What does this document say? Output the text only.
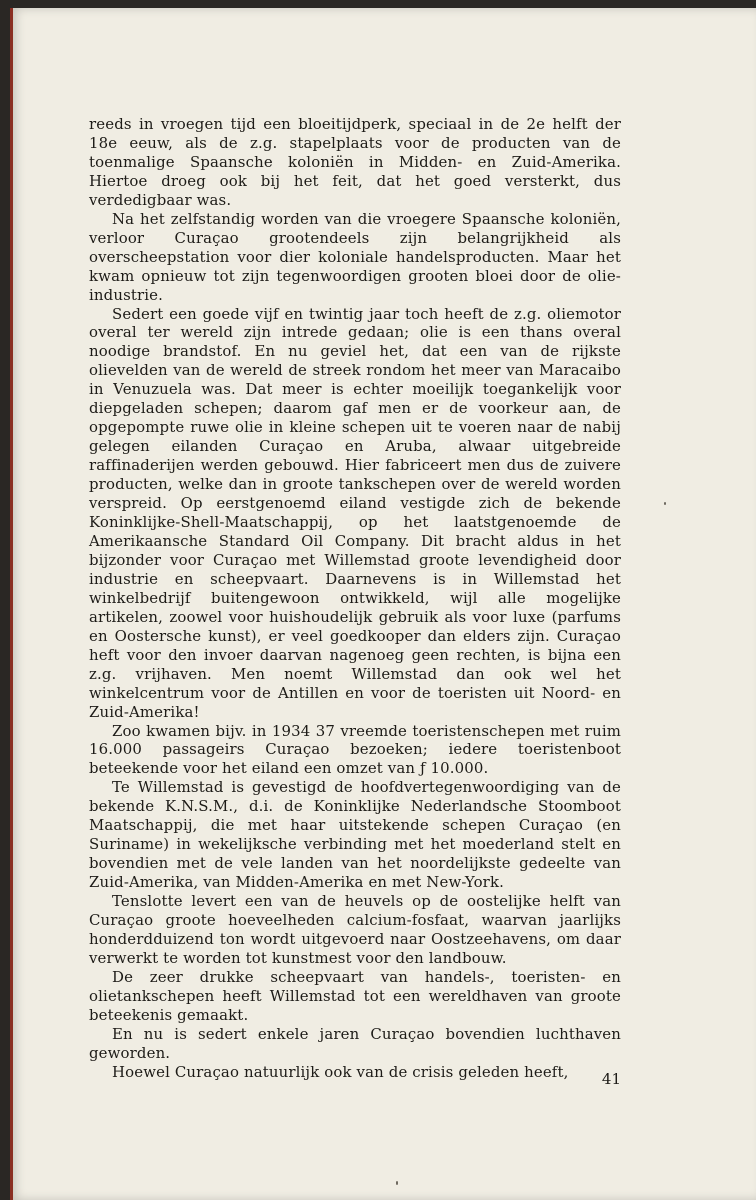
reeds in vroegen tijd een bloeitijdperk, speciaal in de 2e helft der 18e eeuw, als de z.g. stapelplaats voor de producten van de toenmalige Spaansche koloniën in Midden- en Zuid-Amerika. Hiertoe droeg ook bij het feit, dat het goed versterkt, dus verdedigbaar was.

Na het zelfstandig worden van die vroegere Spaansche koloniën, verloor Curaçao grootendeels zijn belangrijkheid als overscheepstation voor dier koloniale handelsproducten. Maar het kwam opnieuw tot zijn tegenwoordigen grooten bloei door de olie-industrie.

Sedert een goede vijf en twintig jaar toch heeft de z.g. oliemotor overal ter wereld zijn intrede gedaan; olie is een thans overal noodige brandstof. En nu geviel het, dat een van de rijkste olievelden van de wereld de streek rondom het meer van Maracaibo in Venuzuela was. Dat meer is echter moeilijk toegankelijk voor diepgeladen schepen; daarom gaf men er de voorkeur aan, de opgepompte ruwe olie in kleine schepen uit te voeren naar de nabij gelegen eilanden Curaçao en Aruba, alwaar uitgebreide raffinaderijen werden gebouwd. Hier fabriceert men dus de zuivere producten, welke dan in groote tankschepen over de wereld worden verspreid. Op eerstgenoemd eiland vestigde zich de bekende Koninklijke-Shell-Maatschappij, op het laatstgenoemde de Amerikaansche Standard Oil Company. Dit bracht aldus in het bijzonder voor Curaçao met Willemstad groote levendigheid door industrie en scheepvaart. Daarnevens is in Willemstad het winkelbedrijf buitengewoon ontwikkeld, wijl alle mogelijke artikelen, zoowel voor huishoudelijk gebruik als voor luxe (parfums en Oostersche kunst), er veel goedkooper dan elders zijn. Curaçao heft voor den invoer daarvan nagenoeg geen rechten, is bijna een z.g. vrijhaven. Men noemt Willemstad dan ook wel het winkelcentrum voor de Antillen en voor de toeristen uit Noord- en Zuid-Amerika!

Zoo kwamen bijv. in 1934 37 vreemde toeristenschepen met ruim 16.000 passageirs Curaçao bezoeken; iedere toeristenboot beteekende voor het eiland een omzet van ƒ 10.000.

Te Willemstad is gevestigd de hoofdvertegenwoordiging van de bekende K.N.S.M., d.i. de Koninklijke Nederlandsche Stoomboot Maatschappij, die met haar uitstekende schepen Curaçao (en Suriname) in wekelijksche verbinding met het moederland stelt en bovendien met de vele landen van het noordelijkste gedeelte van Zuid-Amerika, van Midden-Amerika en met New-York.

Tenslotte levert een van de heuvels op de oostelijke helft van Curaçao groote hoeveelheden calcium-fosfaat, waarvan jaarlijks honderdduizend ton wordt uitgevoerd naar Oostzeehavens, om daar verwerkt te worden tot kunstmest voor den landbouw.

De zeer drukke scheepvaart van handels-, toeristen- en olietankschepen heeft Willemstad tot een wereldhaven van groote beteekenis gemaakt.

En nu is sedert enkele jaren Curaçao bovendien luchthaven geworden.

Hoewel Curaçao natuurlijk ook van de crisis geleden heeft,	41
